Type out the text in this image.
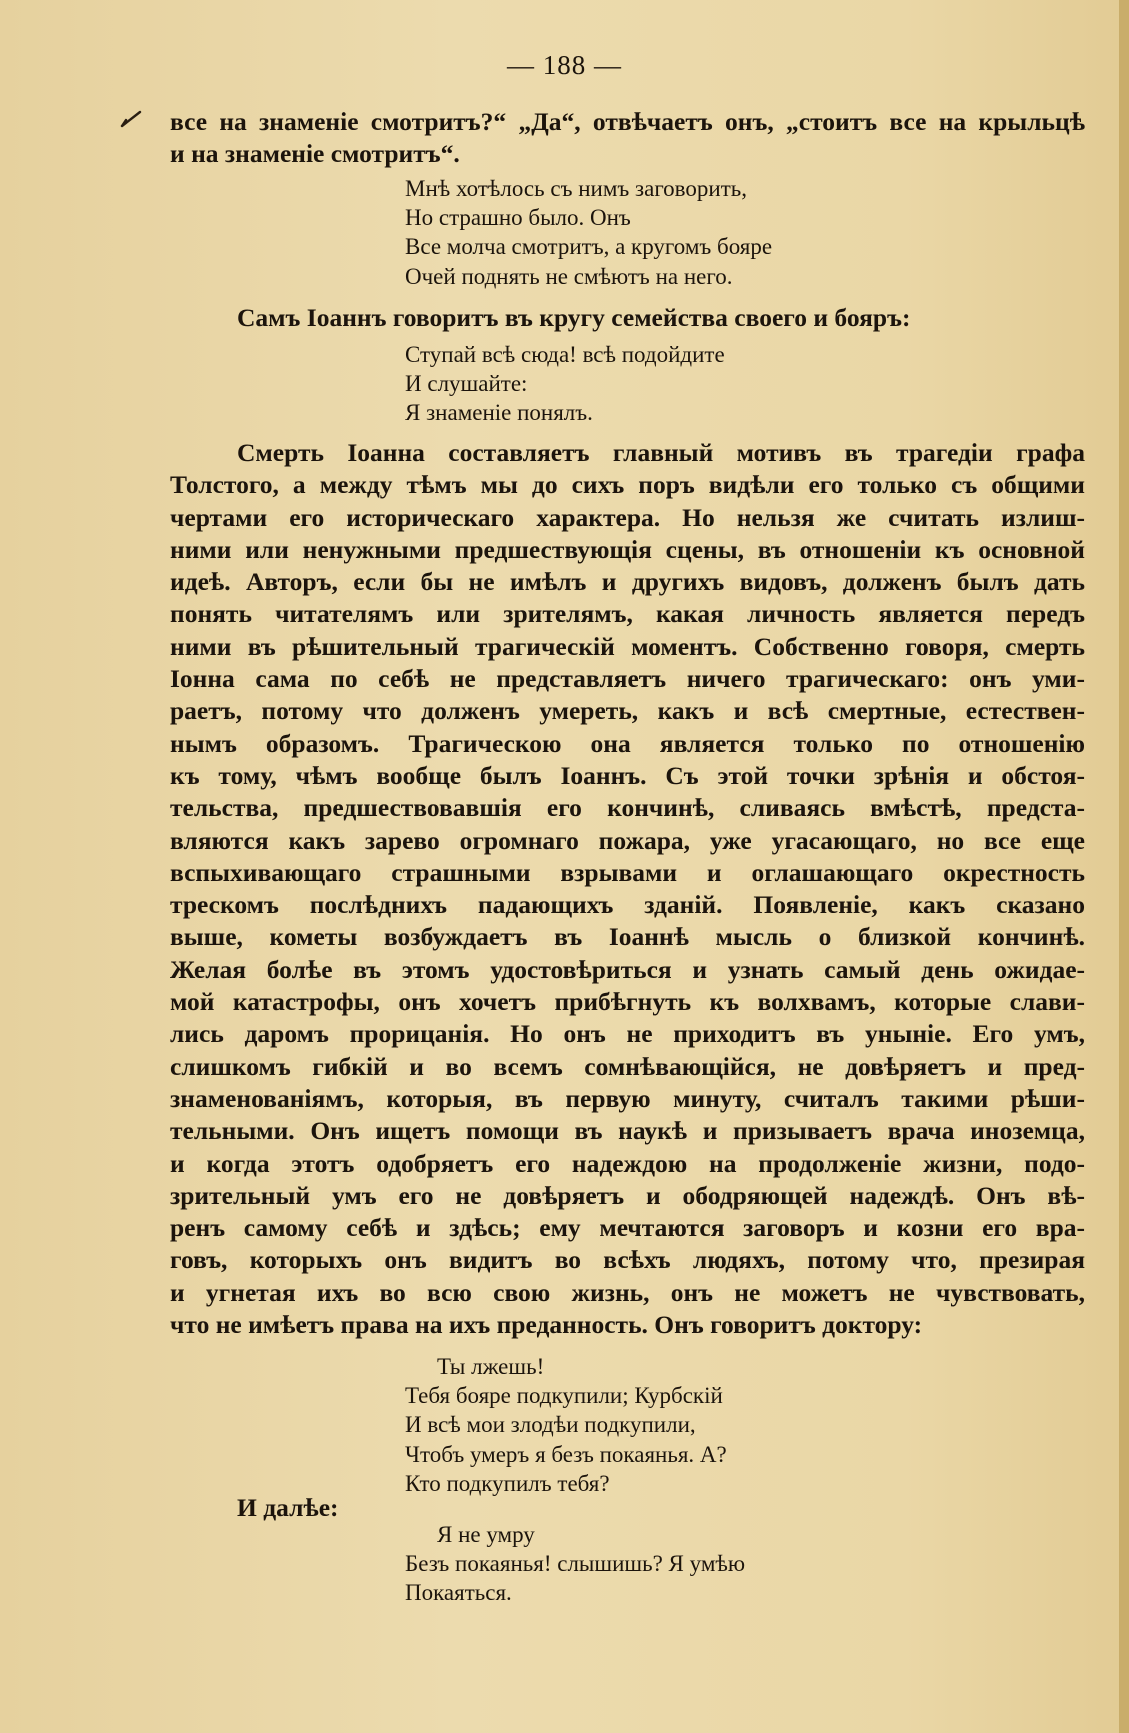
— 188 —
все на знаменіе смотритъ?“ „Да“, отвѣчаетъ онъ, „стоитъ все на крыльцѣ
и на знаменіе смотритъ“.
Мнѣ хотѣлось съ нимъ заговорить,
Но страшно было. Онъ
Все молча смотритъ, а кругомъ бояре
Очей поднять не смѣютъ на него.
Самъ Іоаннъ говоритъ въ кругу семейства своего и бояръ:
Ступай всѣ сюда! всѣ подойдите
И слушайте:
Я знаменіе понялъ.
Смерть Іоанна составляетъ главный мотивъ въ трагедіи графа
Толстого, а между тѣмъ мы до сихъ поръ видѣли его только съ общими
чертами его историческаго характера. Но нельзя же считать излиш-
ними или ненужными предшествующія сцены, въ отношеніи къ основной
идеѣ. Авторъ, если бы не имѣлъ и другихъ видовъ, долженъ былъ дать
понять читателямъ или зрителямъ, какая личность является передъ
ними въ рѣшительный трагическій моментъ. Собственно говоря, смерть
Іонна сама по себѣ не представляетъ ничего трагическаго: онъ уми-
раетъ, потому что долженъ умереть, какъ и всѣ смертные, естествен-
нымъ образомъ. Трагическою она является только по отношенію
къ тому, чѣмъ вообще былъ Іоаннъ. Съ этой точки зрѣнія и обстоя-
тельства, предшествовавшія его кончинѣ, сливаясь вмѣстѣ, предста-
вляются какъ зарево огромнаго пожара, уже угасающаго, но все еще
вспыхивающаго страшными взрывами и оглашающаго окрестность
трескомъ послѣднихъ падающихъ зданій. Появленіе, какъ сказано
выше, кометы возбуждаетъ въ Іоаннѣ мысль о близкой кончинѣ.
Желая болѣе въ этомъ удостовѣриться и узнать самый день ожидае-
мой катастрофы, онъ хочетъ прибѣгнуть къ волхвамъ, которые слави-
лись даромъ прорицанія. Но онъ не приходитъ въ уныніе. Его умъ,
слишкомъ гибкій и во всемъ сомнѣвающійся, не довѣряетъ и пред-
знаменованіямъ, которыя, въ первую минуту, считалъ такими рѣши-
тельными. Онъ ищетъ помощи въ наукѣ и призываетъ врача иноземца,
и когда этотъ одобряетъ его надеждою на продолженіе жизни, подо-
зрительный умъ его не довѣряетъ и ободряющей надеждѣ. Онъ вѣ-
ренъ самому себѣ и здѣсь; ему мечтаются заговоръ и козни его вра-
говъ, которыхъ онъ видитъ во всѣхъ людяхъ, потому что, презирая
и угнетая ихъ во всю свою жизнь, онъ не можетъ не чувствовать,
что не имѣетъ права на ихъ преданность. Онъ говоритъ доктору:
Ты лжешь!
Тебя бояре подкупили; Курбскій
И всѣ мои злодѣи подкупили,
Чтобъ умеръ я безъ покаянья. А?
Кто подкупилъ тебя?
И далѣе:
Я не умру
Безъ покаянья! слышишь? Я умѣю
Покаяться.
